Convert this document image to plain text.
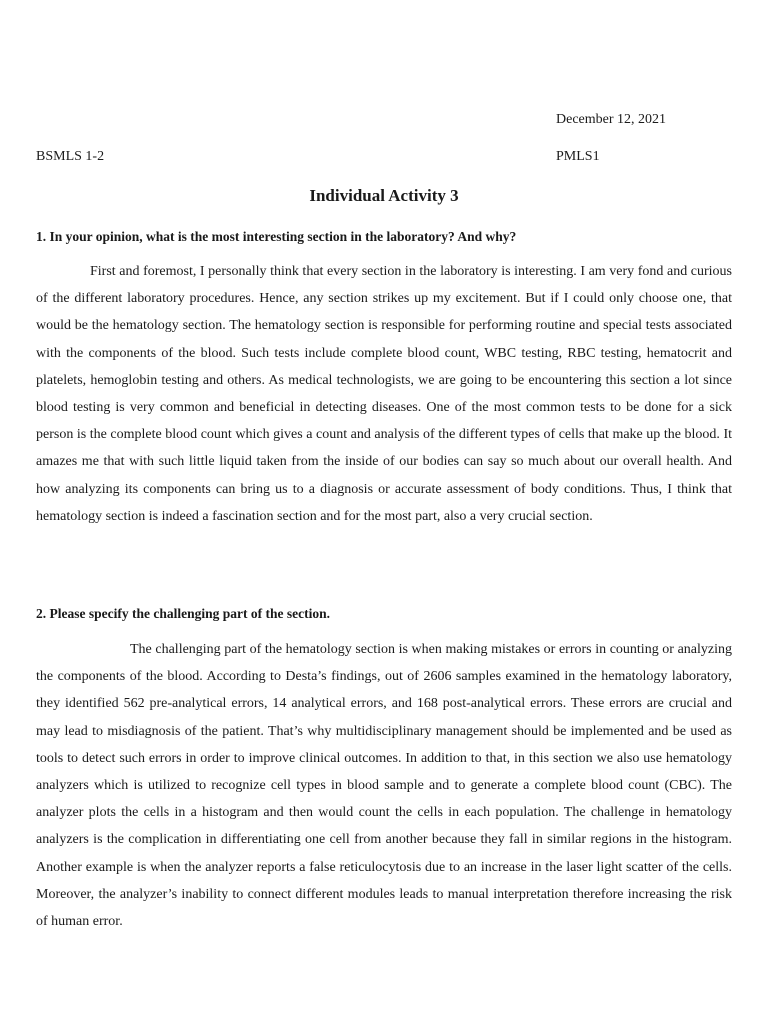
December 12, 2021
BSMLS 1-2	PMLS1
Individual Activity 3
1. In your opinion, what is the most interesting section in the laboratory? And why?

First and foremost, I personally think that every section in the laboratory is interesting. I am very fond and curious of the different laboratory procedures. Hence, any section strikes up my excitement. But if I could only choose one, that would be the hematology section. The hematology section is responsible for performing routine and special tests associated with the components of the blood. Such tests include complete blood count, WBC testing, RBC testing, hematocrit and platelets, hemoglobin testing and others. As medical technologists, we are going to be encountering this section a lot since blood testing is very common and beneficial in detecting diseases. One of the most common tests to be done for a sick person is the complete blood count which gives a count and analysis of the different types of cells that make up the blood. It amazes me that with such little liquid taken from the inside of our bodies can say so much about our overall health. And how analyzing its components can bring us to a diagnosis or accurate assessment of body conditions. Thus, I think that hematology section is indeed a fascination section and for the most part, also a very crucial section.

2. Please specify the challenging part of the section.

The challenging part of the hematology section is when making mistakes or errors in counting or analyzing the components of the blood. According to Desta’s findings, out of 2606 samples examined in the hematology laboratory, they identified 562 pre-analytical errors, 14 analytical errors, and 168 post-analytical errors. These errors are crucial and may lead to misdiagnosis of the patient. That’s why multidisciplinary management should be implemented and be used as tools to detect such errors in order to improve clinical outcomes. In addition to that, in this section we also use hematology analyzers which is utilized to recognize cell types in blood sample and to generate a complete blood count (CBC). The analyzer plots the cells in a histogram and then would count the cells in each population. The challenge in hematology analyzers is the complication in differentiating one cell from another because they fall in similar regions in the histogram. Another example is when the analyzer reports a false reticulocytosis due to an increase in the laser light scatter of the cells. Moreover, the analyzer’s inability to connect different modules leads to manual interpretation therefore increasing the risk of human error.
